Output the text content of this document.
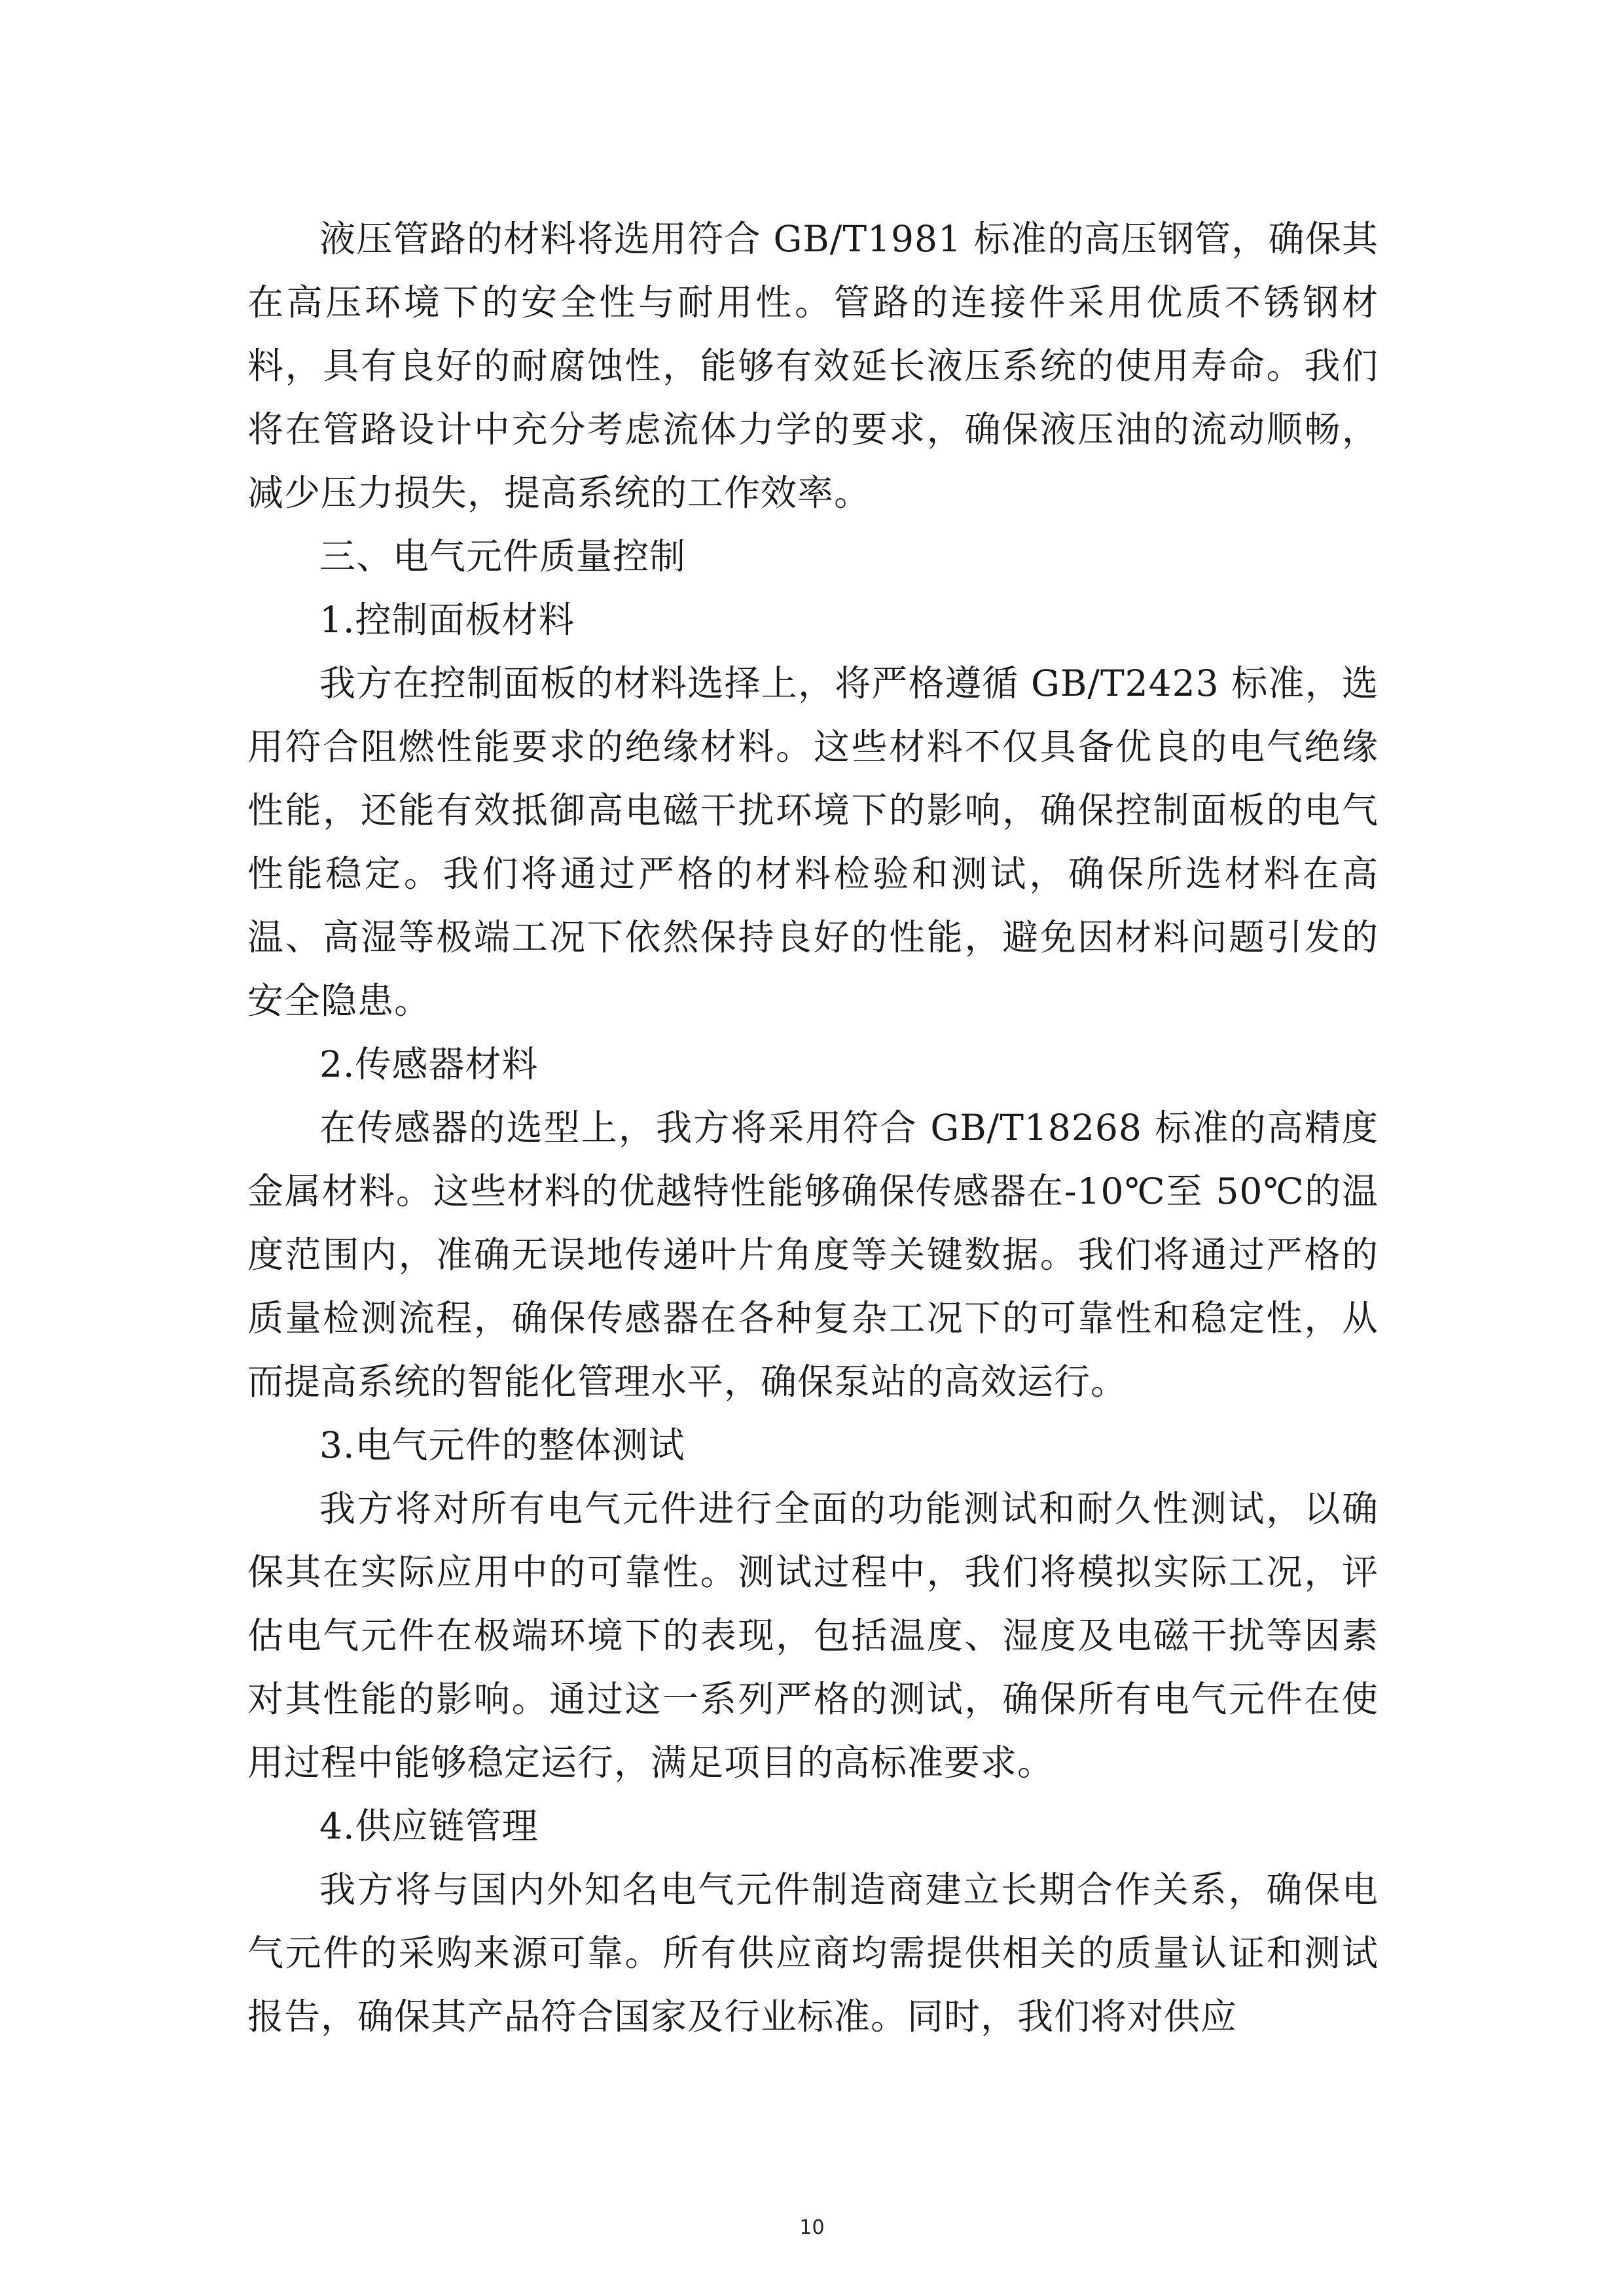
液压管路的材料将选用符合 GB/T1981 标准的高压钢管，确保其在高压环境下的安全性与耐用性。管路的连接件采用优质不锈钢材料，具有良好的耐腐蚀性，能够有效延长液压系统的使用寿命。我们将在管路设计中充分考虑流体力学的要求，确保液压油的流动顺畅，减少压力损失，提高系统的工作效率。

三、电气元件质量控制

1.控制面板材料

我方在控制面板的材料选择上，将严格遵循 GB/T2423 标准，选用符合阻燃性能要求的绝缘材料。这些材料不仅具备优良的电气绝缘性能，还能有效抵御高电磁干扰环境下的影响，确保控制面板的电气性能稳定。我们将通过严格的材料检验和测试，确保所选材料在高温、高湿等极端工况下依然保持良好的性能，避免因材料问题引发的安全隐患。

2.传感器材料

在传感器的选型上，我方将采用符合 GB/T18268 标准的高精度金属材料。这些材料的优越特性能够确保传感器在-10℃至 50℃的温度范围内，准确无误地传递叶片角度等关键数据。我们将通过严格的质量检测流程，确保传感器在各种复杂工况下的可靠性和稳定性，从而提高系统的智能化管理水平，确保泵站的高效运行。

3.电气元件的整体测试

我方将对所有电气元件进行全面的功能测试和耐久性测试，以确保其在实际应用中的可靠性。测试过程中，我们将模拟实际工况，评估电气元件在极端环境下的表现，包括温度、湿度及电磁干扰等因素对其性能的影响。通过这一系列严格的测试，确保所有电气元件在使用过程中能够稳定运行，满足项目的高标准要求。

4.供应链管理

我方将与国内外知名电气元件制造商建立长期合作关系，确保电气元件的采购来源可靠。所有供应商均需提供相关的质量认证和测试报告，确保其产品符合国家及行业标准。同时，我们将对供应

10
